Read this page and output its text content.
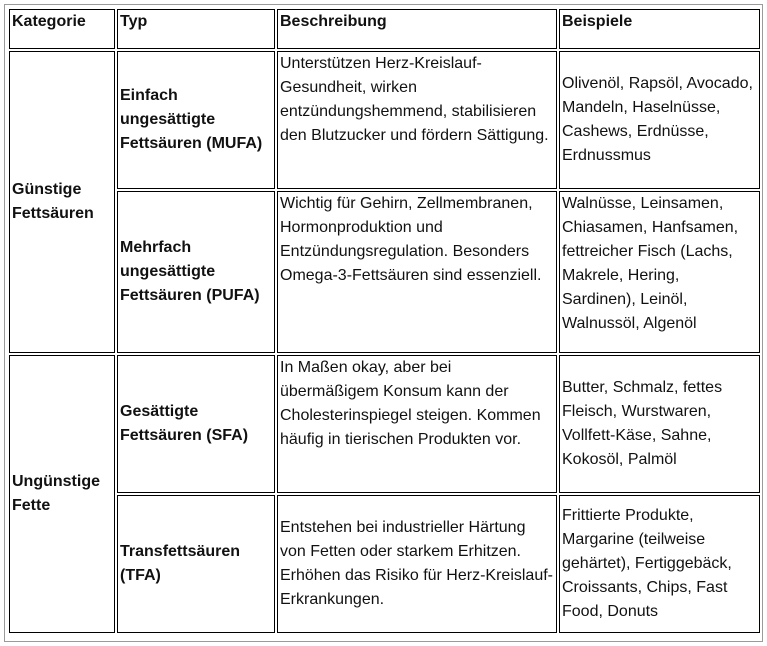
Kategorie	Typ	Beschreibung	Beispiele
Günstige Fettsäuren	Einfach ungesättigte Fettsäuren (MUFA)	Unterstützen Herz-Kreislauf-Gesundheit, wirken entzündungshemmend, stabilisieren den Blutzucker und fördern Sättigung.	Olivenöl, Rapsöl, Avocado, Mandeln, Haselnüsse, Cashews, Erdnüsse, Erdnussmus
	Mehrfach ungesättigte Fettsäuren (PUFA)	Wichtig für Gehirn, Zellmembranen, Hormonproduktion und Entzündungsregulation. Besonders Omega-3-Fettsäuren sind essenziell.	Walnüsse, Leinsamen, Chiasamen, Hanfsamen, fettreicher Fisch (Lachs, Makrele, Hering, Sardinen), Leinöl, Walnussöl, Algenöl
Ungünstige Fette	Gesättigte Fettsäuren (SFA)	In Maßen okay, aber bei übermäßigem Konsum kann der Cholesterinspiegel steigen. Kommen häufig in tierischen Produkten vor.	Butter, Schmalz, fettes Fleisch, Wurstwaren, Vollfett-Käse, Sahne, Kokosöl, Palmöl
	Transfettsäuren (TFA)	Entstehen bei industrieller Härtung von Fetten oder starkem Erhitzen. Erhöhen das Risiko für Herz-Kreislauf-Erkrankungen.	Frittierte Produkte, Margarine (teilweise gehärtet), Fertiggebäck, Croissants, Chips, Fast Food, Donuts
